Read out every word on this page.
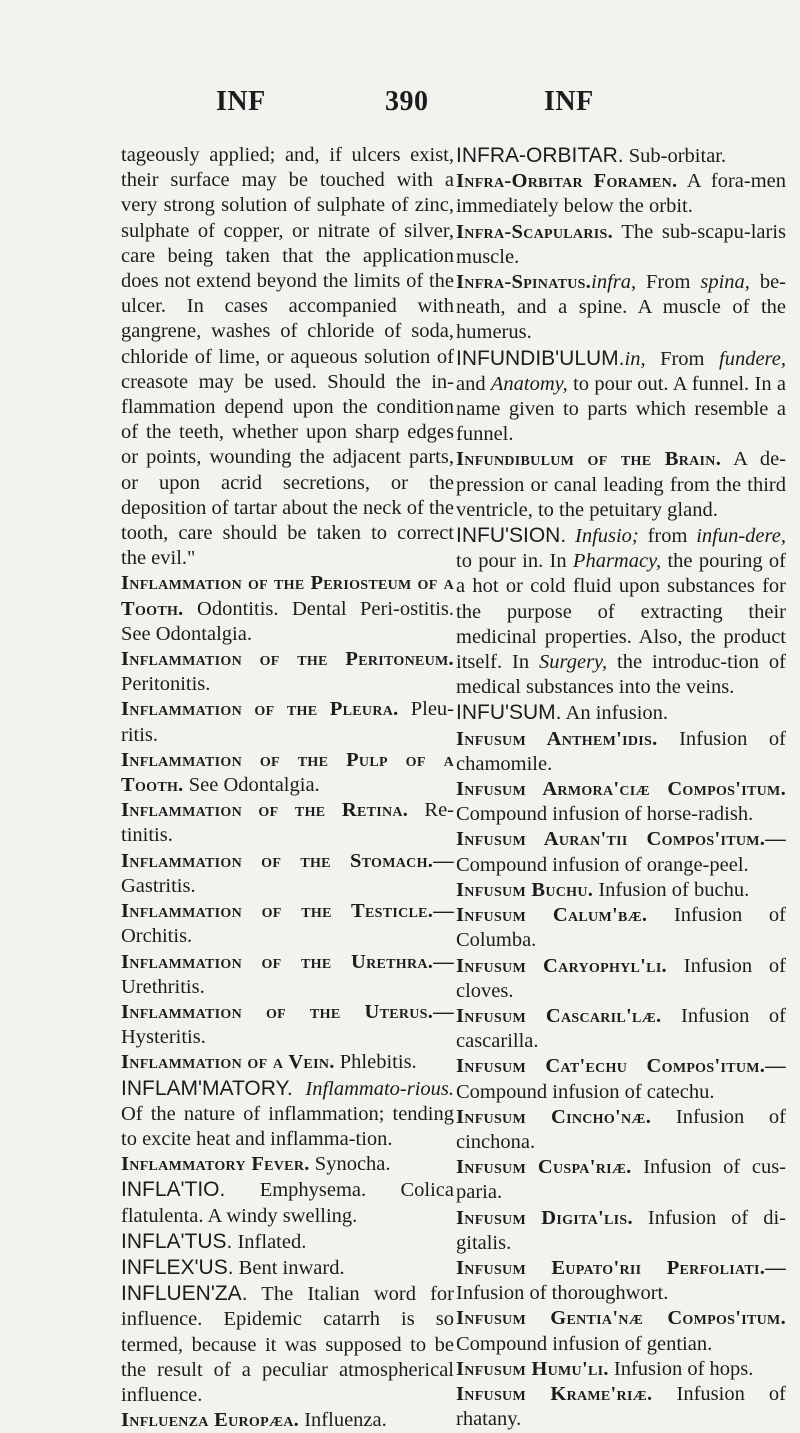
INF	390	INF

tageously applied; and, if ulcers exist, their surface may be touched with a very strong solution of sulphate of zinc, sulphate of copper, or nitrate of silver, care being taken that the application does not extend beyond the limits of the ulcer. In cases accompanied with gangrene, washes of chloride of soda, chloride of lime, or aqueous solution of creasote may be used. Should the in-flammation depend upon the condition of the teeth, whether upon sharp edges or points, wounding the adjacent parts, or upon acrid secretions, or the deposition of tartar about the neck of the tooth, care should be taken to correct the evil."

Inflammation of the Periosteum of a Tooth. Odontitis. Dental Peri-ostitis. See Odontalgia.

Inflammation of the Peritoneum. Peritonitis.

Inflammation of the Pleura. Pleu-ritis.

Inflammation of the Pulp of a Tooth. See Odontalgia.

Inflammation of the Retina. Re-tinitis.

Inflammation of the Stomach.— Gastritis.

Inflammation of the Testicle.— Orchitis.

Inflammation of the Urethra.— Urethritis.

Inflammation of the Uterus.— Hysteritis.

Inflammation of a Vein. Phlebitis.

INFLAM'MATORY. Inflammato-rious. Of the nature of inflammation; tending to excite heat and inflamma-tion.

Inflammatory Fever. Synocha.

INFLA'TIO. Emphysema. Colica flatulenta. A windy swelling.

INFLA'TUS. Inflated.

INFLEX'US. Bent inward.

INFLUEN'ZA. The Italian word for influence. Epidemic catarrh is so termed, because it was supposed to be the result of a peculiar atmospherical influence.

Influenza Europæa. Influenza.

INFRA-ORBITAR. Sub-orbitar.

Infra-Orbitar Foramen. A fora-men immediately below the orbit.

Infra-Scapularis. The sub-scapu-laris muscle.

Infra-Spinatus.infra, From spina, be-neath, and a spine. A muscle of the humerus.

INFUNDIB'ULUM.in, From fundere, and Anatomy, to pour out. A funnel. In a name given to parts which resemble a funnel.

Infundibulum of the Brain. A de-pression or canal leading from the third ventricle, to the petuitary gland.

INFU'SION. Infusio; from infun-dere, to pour in. In Pharmacy, the pouring of a hot or cold fluid upon substances for the purpose of extracting their medicinal properties. Also, the product itself. In Surgery, the introduc-tion of medical substances into the veins.

INFU'SUM. An infusion.

Infusum Anthem'idis. Infusion of chamomile.

Infusum Armora'ciæ Compos'itum. Compound infusion of horse-radish.

Infusum Auran'tii Compos'itum.— Compound infusion of orange-peel.

Infusum Buchu. Infusion of buchu.

Infusum Calum'bæ. Infusion of Columba.

Infusum Caryophyl'li. Infusion of cloves.

Infusum Cascaril'læ. Infusion of cascarilla.

Infusum Cat'echu Compos'itum.— Compound infusion of catechu.

Infusum Cincho'næ. Infusion of cinchona.

Infusum Cuspa'riæ. Infusion of cus-paria.

Infusum Digita'lis. Infusion of di-gitalis.

Infusum Eupato'rii Perfoliati.— Infusion of thoroughwort.

Infusum Gentia'næ Compos'itum. Compound infusion of gentian.

Infusum Humu'li. Infusion of hops.

Infusum Krame'riæ. Infusion of rhatany.
